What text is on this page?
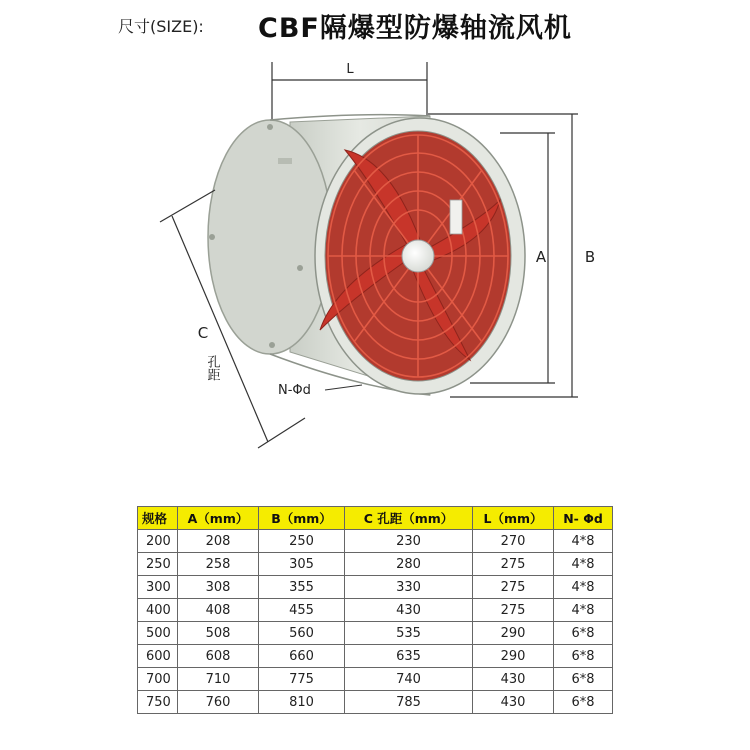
尺寸(SIZE): CBF隔爆型防爆轴流风机
L
A	B
C
孔距
N-Φd
规格	A（mm）	B（mm）	C 孔距（mm）	L（mm）	N- Φd
200	208	250	230	270	4*8
250	258	305	280	275	4*8
300	308	355	330	275	4*8
400	408	455	430	275	4*8
500	508	560	535	290	6*8
600	608	660	635	290	6*8
700	710	775	740	430	6*8
750	760	810	785	430	6*8
